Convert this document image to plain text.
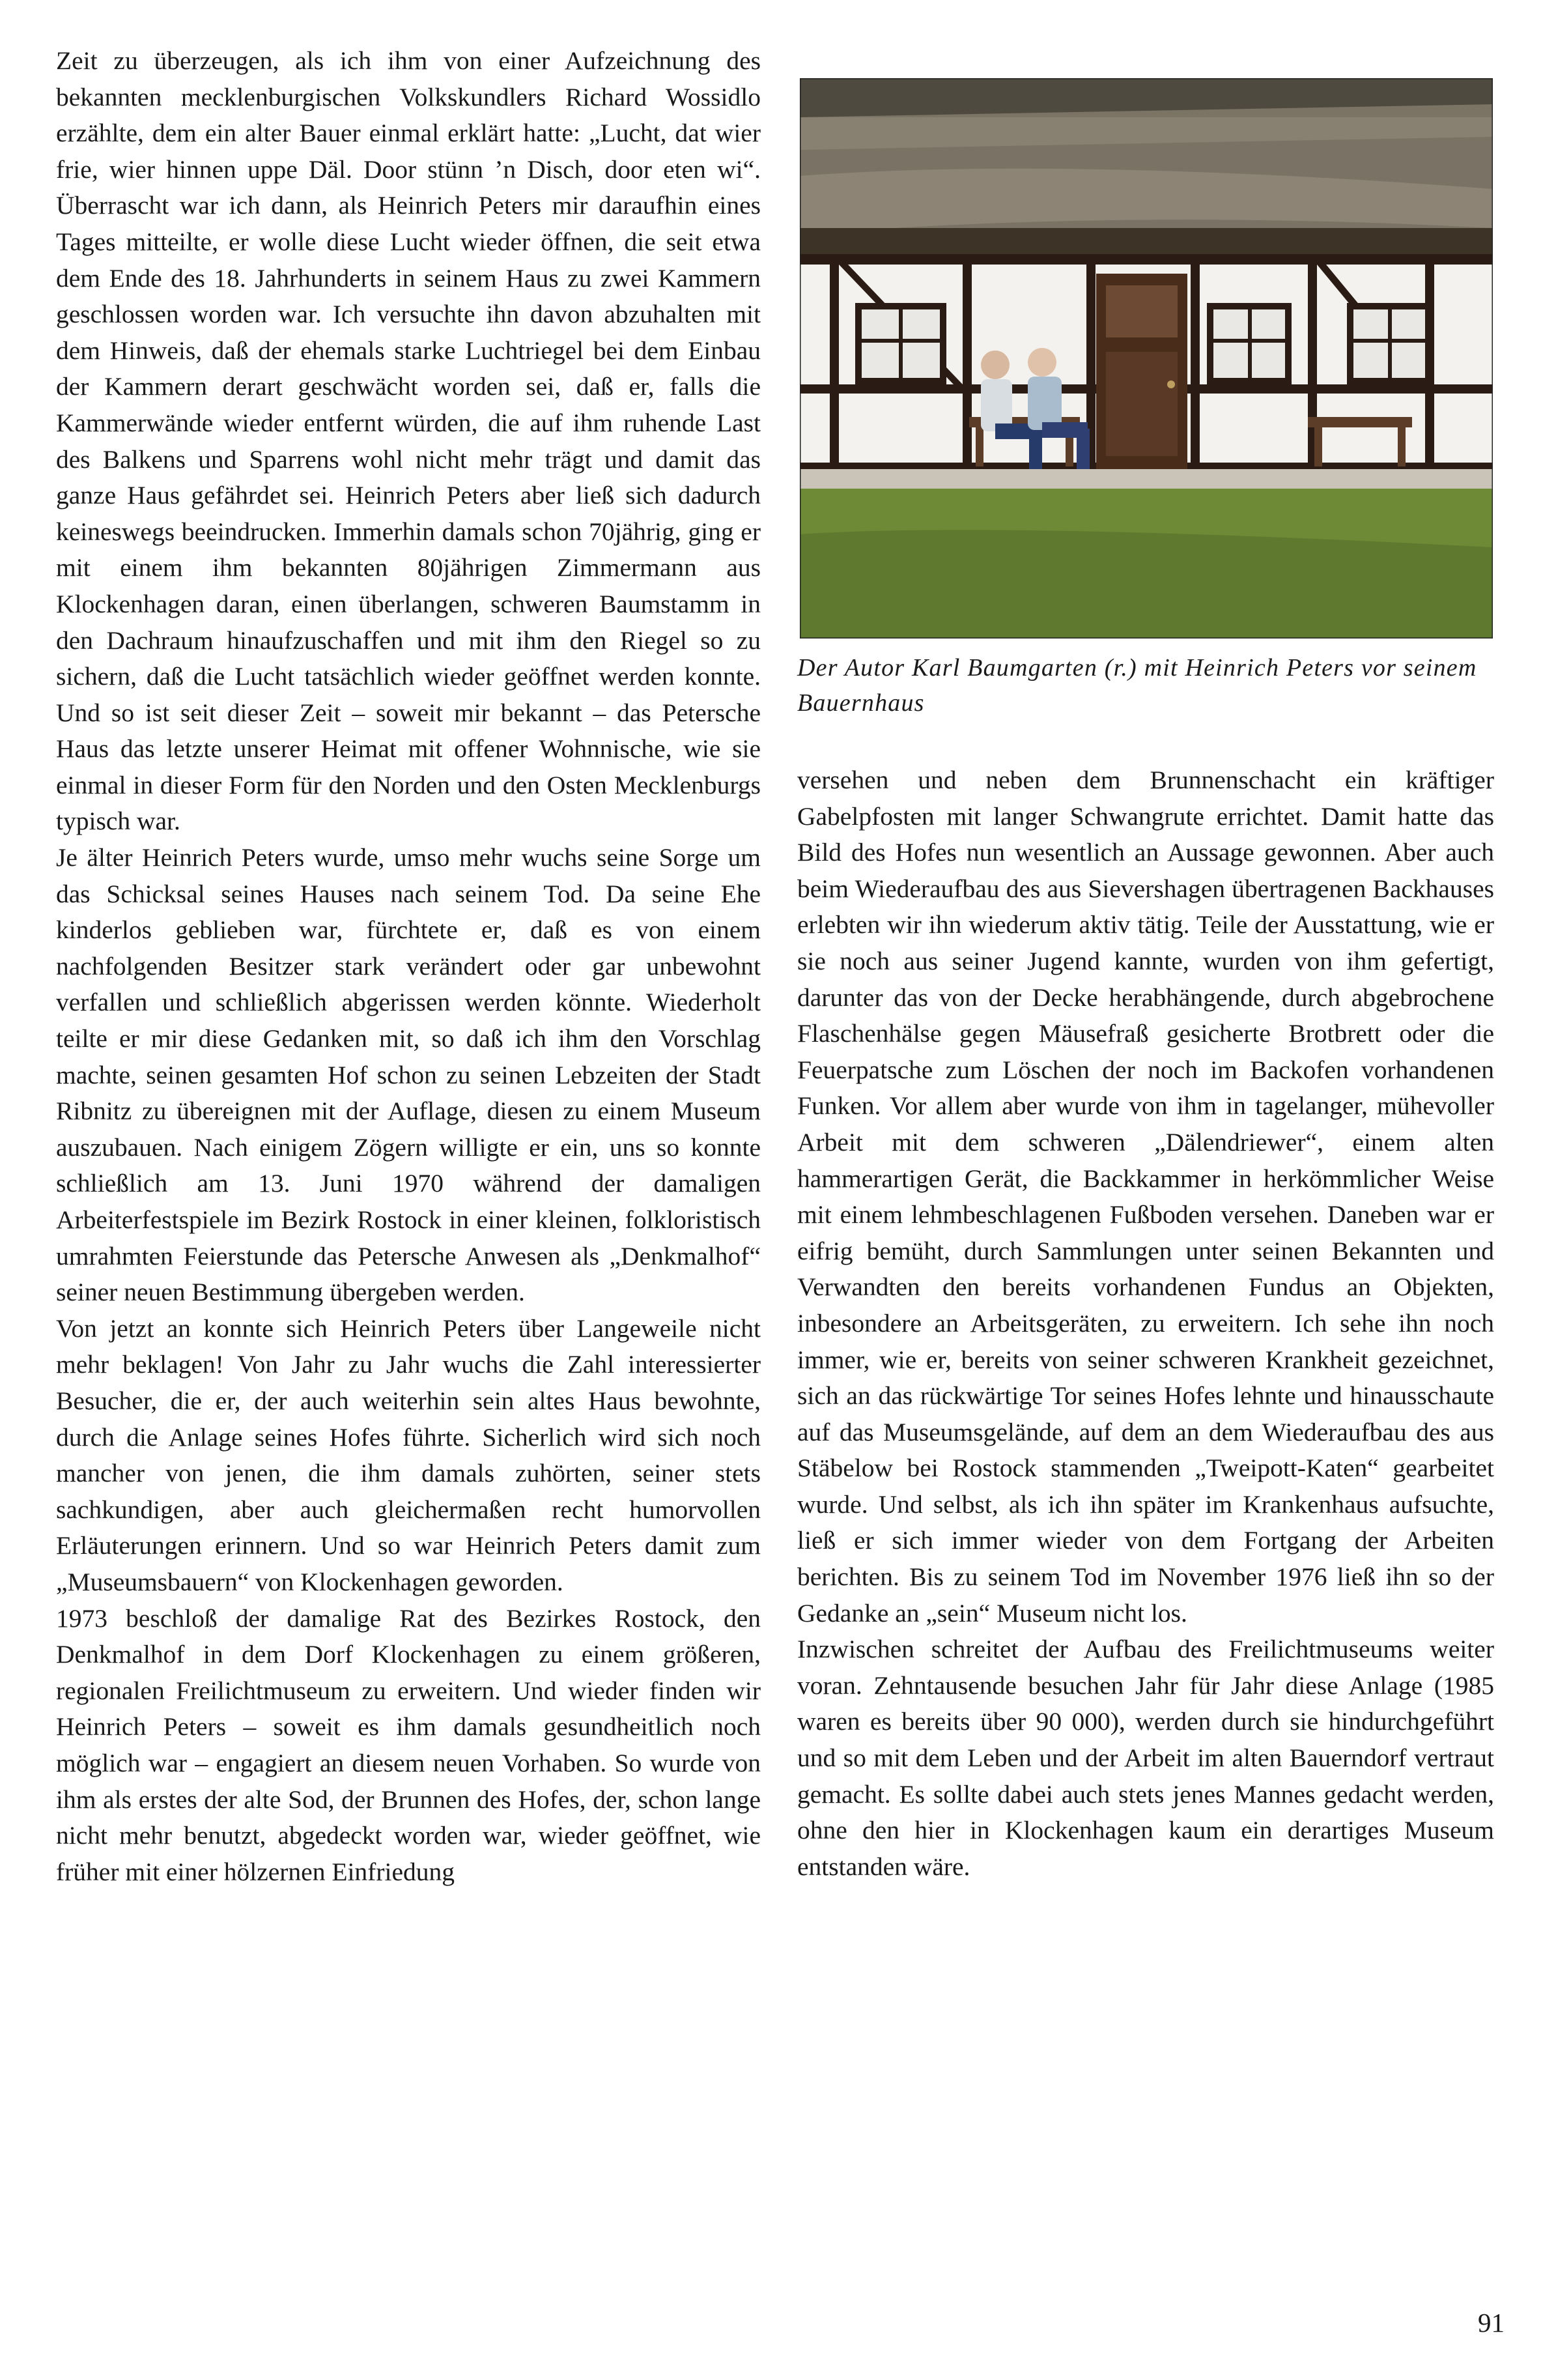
Zeit zu überzeugen, als ich ihm von einer Aufzeichnung des bekannten mecklenburgischen Volkskundlers Richard Wossidlo erzählte, dem ein alter Bauer einmal erklärt hatte: „Lucht, dat wier frie, wier hinnen uppe Däl. Door stünn ’n Disch, door eten wi“. Überrascht war ich dann, als Heinrich Peters mir daraufhin eines Tages mitteilte, er wolle diese Lucht wieder öffnen, die seit etwa dem Ende des 18. Jahrhunderts in seinem Haus zu zwei Kammern geschlossen worden war. Ich versuchte ihn davon abzuhalten mit dem Hinweis, daß der ehemals starke Luchtriegel bei dem Einbau der Kammern derart geschwächt worden sei, daß er, falls die Kammerwände wieder entfernt würden, die auf ihm ruhende Last des Balkens und Sparrens wohl nicht mehr trägt und damit das ganze Haus gefährdet sei. Heinrich Peters aber ließ sich dadurch keineswegs beeindrucken. Immerhin damals schon 70jährig, ging er mit einem ihm bekannten 80jährigen Zimmermann aus Klockenhagen daran, einen überlangen, schweren Baumstamm in den Dachraum hinaufzuschaffen und mit ihm den Riegel so zu sichern, daß die Lucht tatsächlich wieder geöffnet werden konnte. Und so ist seit dieser Zeit – soweit mir bekannt – das Petersche Haus das letzte unserer Heimat mit offener Wohnnische, wie sie einmal in dieser Form für den Norden und den Osten Mecklenburgs typisch war.

Je älter Heinrich Peters wurde, umso mehr wuchs seine Sorge um das Schicksal seines Hauses nach seinem Tod. Da seine Ehe kinderlos geblieben war, fürchtete er, daß es von einem nachfolgenden Besitzer stark verändert oder gar unbewohnt verfallen und schließlich abgerissen werden könnte. Wiederholt teilte er mir diese Gedanken mit, so daß ich ihm den Vorschlag machte, seinen gesamten Hof schon zu seinen Lebzeiten der Stadt Ribnitz zu übereignen mit der Auflage, diesen zu einem Museum auszubauen. Nach einigem Zögern willigte er ein, uns so konnte schließlich am 13. Juni 1970 während der damaligen Arbeiterfestspiele im Bezirk Rostock in einer kleinen, folkloristisch umrahmten Feierstunde das Petersche Anwesen als „Denkmalhof“ seiner neuen Bestimmung übergeben werden.

Von jetzt an konnte sich Heinrich Peters über Langeweile nicht mehr beklagen! Von Jahr zu Jahr wuchs die Zahl interessierter Besucher, die er, der auch weiterhin sein altes Haus bewohnte, durch die Anlage seines Hofes führte. Sicherlich wird sich noch mancher von jenen, die ihm damals zuhörten, seiner stets sachkundigen, aber auch gleichermaßen recht humorvollen Erläuterungen erinnern. Und so war Heinrich Peters damit zum „Museumsbauern“ von Klockenhagen geworden.

1973 beschloß der damalige Rat des Bezirkes Rostock, den Denkmalhof in dem Dorf Klockenhagen zu einem größeren, regionalen Freilichtmuseum zu erweitern. Und wieder finden wir Heinrich Peters – soweit es ihm damals gesundheitlich noch möglich war – engagiert an diesem neuen Vorhaben. So wurde von ihm als erstes der alte Sod, der Brunnen des Hofes, der, schon lange nicht mehr benutzt, abgedeckt worden war, wieder geöffnet, wie früher mit einer hölzernen Einfriedung

Der Autor Karl Baumgarten (r.) mit Heinrich Peters vor seinem Bauernhaus

versehen und neben dem Brunnenschacht ein kräftiger Gabelpfosten mit langer Schwangrute errichtet. Damit hatte das Bild des Hofes nun wesentlich an Aussage gewonnen. Aber auch beim Wiederaufbau des aus Sievershagen übertragenen Backhauses erlebten wir ihn wiederum aktiv tätig. Teile der Ausstattung, wie er sie noch aus seiner Jugend kannte, wurden von ihm gefertigt, darunter das von der Decke herabhängende, durch abgebrochene Flaschenhälse gegen Mäusefraß gesicherte Brotbrett oder die Feuerpatsche zum Löschen der noch im Backofen vorhandenen Funken. Vor allem aber wurde von ihm in tagelanger, mühevoller Arbeit mit dem schweren „Dälendriewer“, einem alten hammerartigen Gerät, die Backkammer in herkömmlicher Weise mit einem lehmbeschlagenen Fußboden versehen. Daneben war er eifrig bemüht, durch Sammlungen unter seinen Bekannten und Verwandten den bereits vorhandenen Fundus an Objekten, inbesondere an Arbeitsgeräten, zu erweitern. Ich sehe ihn noch immer, wie er, bereits von seiner schweren Krankheit gezeichnet, sich an das rückwärtige Tor seines Hofes lehnte und hinausschaute auf das Museumsgelände, auf dem an dem Wiederaufbau des aus Stäbelow bei Rostock stammenden „Tweipott-Katen“ gearbeitet wurde. Und selbst, als ich ihn später im Krankenhaus aufsuchte, ließ er sich immer wieder von dem Fortgang der Arbeiten berichten. Bis zu seinem Tod im November 1976 ließ ihn so der Gedanke an „sein“ Museum nicht los.

Inzwischen schreitet der Aufbau des Freilichtmuseums weiter voran. Zehntausende besuchen Jahr für Jahr diese Anlage (1985 waren es bereits über 90 000), werden durch sie hindurchgeführt und so mit dem Leben und der Arbeit im alten Bauerndorf vertraut gemacht. Es sollte dabei auch stets jenes Mannes gedacht werden, ohne den hier in Klockenhagen kaum ein derartiges Museum entstanden wäre.

91
